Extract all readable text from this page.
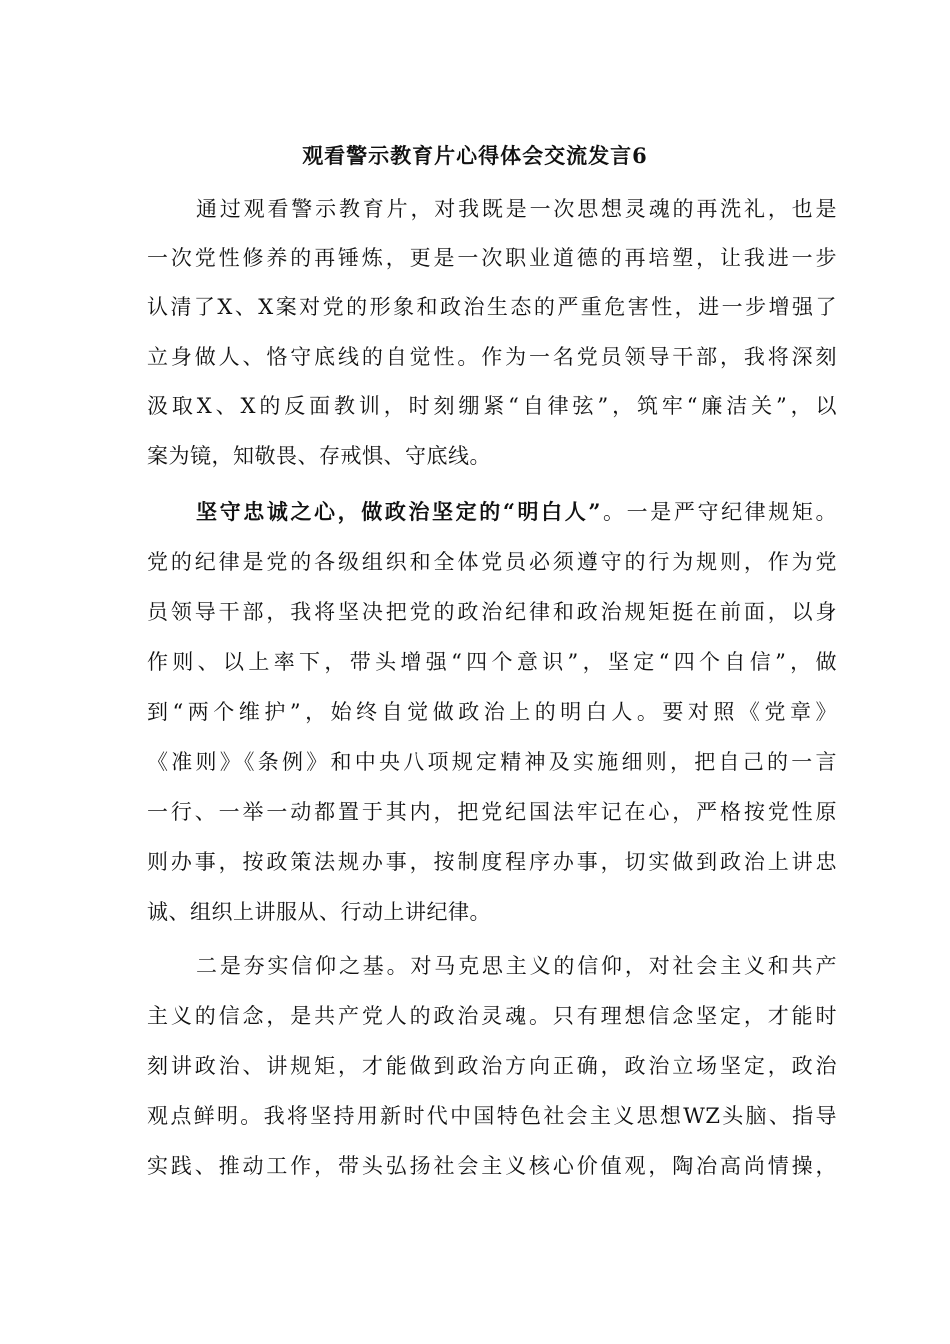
观看警示教育片心得体会交流发言6
通过观看警示教育片，对我既是一次思想灵魂的再洗礼，也是
一次党性修养的再锤炼，更是一次职业道德的再培塑，让我进一步
认清了X、X案对党的形象和政治生态的严重危害性，进一步增强了
立身做人、恪守底线的自觉性。作为一名党员领导干部，我将深刻
汲取X、X的反面教训，时刻绷紧“自律弦”，筑牢“廉洁关”，以
案为镜，知敬畏、存戒惧、守底线。
坚守忠诚之心，做政治坚定的“明白人”。一是严守纪律规矩。
党的纪律是党的各级组织和全体党员必须遵守的行为规则，作为党
员领导干部，我将坚决把党的政治纪律和政治规矩挺在前面，以身
作则、以上率下，带头增强“四个意识”，坚定“四个自信”，做
到“两个维护”，始终自觉做政治上的明白人。要对照《党章》
《准则》《条例》和中央八项规定精神及实施细则，把自己的一言
一行、一举一动都置于其内，把党纪国法牢记在心，严格按党性原
则办事，按政策法规办事，按制度程序办事，切实做到政治上讲忠
诚、组织上讲服从、行动上讲纪律。
二是夯实信仰之基。对马克思主义的信仰，对社会主义和共产
主义的信念，是共产党人的政治灵魂。只有理想信念坚定，才能时
刻讲政治、讲规矩，才能做到政治方向正确，政治立场坚定，政治
观点鲜明。我将坚持用新时代中国特色社会主义思想WZ头脑、指导
实践、推动工作，带头弘扬社会主义核心价值观，陶冶高尚情操，
